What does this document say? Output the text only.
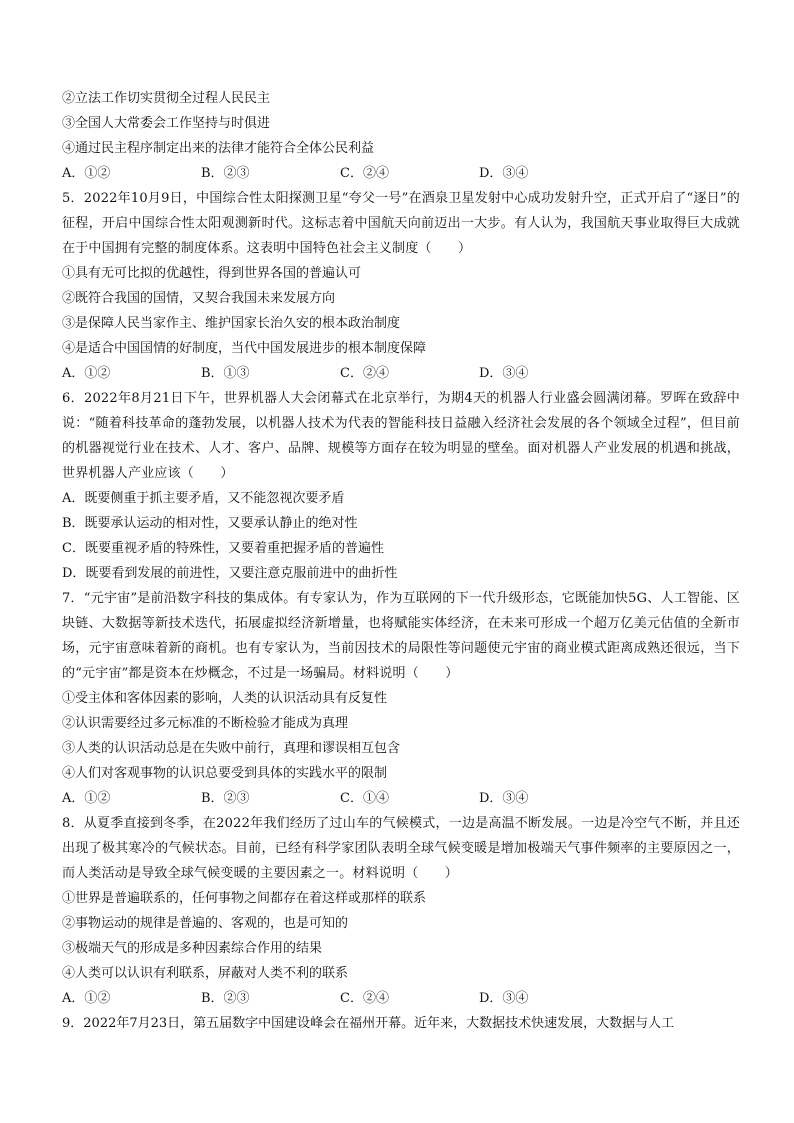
②立法工作切实贯彻全过程人民民主
③全国人大常委会工作坚持与时俱进
④通过民主程序制定出来的法律才能符合全体公民利益
A．①②	B．②③	C．②④	D．③④
5．2022年10月9日，中国综合性太阳探测卫星“夸父一号”在酒泉卫星发射中心成功发射升空，正式开启了“逐日”的征程，开启中国综合性太阳观测新时代。这标志着中国航天向前迈出一大步。有人认为，我国航天事业取得巨大成就在于中国拥有完整的制度体系。这表明中国特色社会主义制度（　　）
①具有无可比拟的优越性，得到世界各国的普遍认可
②既符合我国的国情，又契合我国未来发展方向
③是保障人民当家作主、维护国家长治久安的根本政治制度
④是适合中国国情的好制度，当代中国发展进步的根本制度保障
A．①②	B．①③	C．②④	D．③④
6．2022年8月21日下午，世界机器人大会闭幕式在北京举行，为期4天的机器人行业盛会圆满闭幕。罗晖在致辞中说：“随着科技革命的蓬勃发展，以机器人技术为代表的智能科技日益融入经济社会发展的各个领域全过程”，但目前的机器视觉行业在技术、人才、客户、品牌、规模等方面存在较为明显的壁垒。面对机器人产业发展的机遇和挑战，世界机器人产业应该（　　）
A．既要侧重于抓主要矛盾，又不能忽视次要矛盾
B．既要承认运动的相对性，又要承认静止的绝对性
C．既要重视矛盾的特殊性，又要着重把握矛盾的普遍性
D．既要看到发展的前进性，又要注意克服前进中的曲折性
7．“元宇宙”是前沿数字科技的集成体。有专家认为，作为互联网的下一代升级形态，它既能加快5G、人工智能、区块链、大数据等新技术迭代，拓展虚拟经济新增量，也将赋能实体经济，在未来可形成一个超万亿美元估值的全新市场，元宇宙意味着新的商机。也有专家认为，当前因技术的局限性等问题使元宇宙的商业模式距离成熟还很远，当下的“元宇宙”都是资本在炒概念，不过是一场骗局。材料说明（　　）
①受主体和客体因素的影响，人类的认识活动具有反复性
②认识需要经过多元标准的不断检验才能成为真理
③人类的认识活动总是在失败中前行，真理和谬误相互包含
④人们对客观事物的认识总要受到具体的实践水平的限制
A．①②	B．②③	C．①④	D．③④
8．从夏季直接到冬季，在2022年我们经历了过山车的气候模式，一边是高温不断发展。一边是冷空气不断，并且还出现了极其寒冷的气候状态。目前，已经有科学家团队表明全球气候变暖是增加极端天气事件频率的主要原因之一，而人类活动是导致全球气候变暖的主要因素之一。材料说明（　　）
①世界是普遍联系的，任何事物之间都存在着这样或那样的联系
②事物运动的规律是普遍的、客观的，也是可知的
③极端天气的形成是多种因素综合作用的结果
④人类可以认识有利联系，屏蔽对人类不利的联系
A．①②	B．②③	C．②④	D．③④
9．2022年7月23日，第五届数字中国建设峰会在福州开幕。近年来，大数据技术快速发展，大数据与人工
